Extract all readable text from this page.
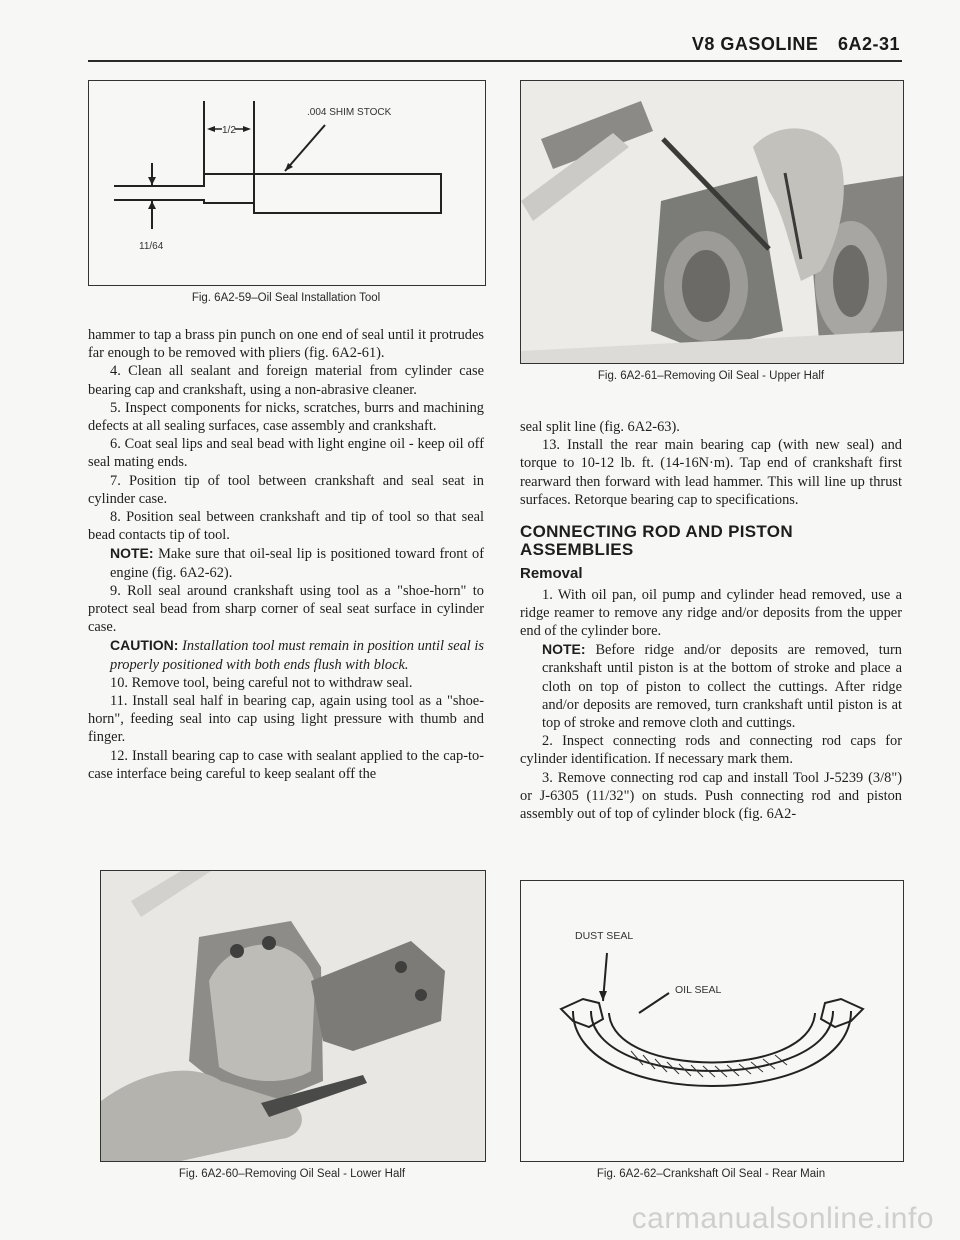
V8 GASOLINE 6A2-31
.004 SHIM STOCK
1/2
11/64
Fig. 6A2-59–Oil Seal Installation Tool
Fig. 6A2-61–Removing Oil Seal - Upper Half

hammer to tap a brass pin punch on one end of seal until it protrudes far enough to be removed with pliers (fig. 6A2-61).

4. Clean all sealant and foreign material from cylinder case bearing cap and crankshaft, using a non-abrasive cleaner.

5. Inspect components for nicks, scratches, burrs and machining defects at all sealing surfaces, case assembly and crankshaft.

6. Coat seal lips and seal bead with light engine oil - keep oil off seal mating ends.

7. Position tip of tool between crankshaft and seal seat in cylinder case.

8. Position seal between crankshaft and tip of tool so that seal bead contacts tip of tool.

NOTE: Make sure that oil-seal lip is positioned toward front of engine (fig. 6A2-62).

9. Roll seal around crankshaft using tool as a "shoe-horn" to protect seal bead from sharp corner of seal seat surface in cylinder case.

CAUTION: Installation tool must remain in position until seal is properly positioned with both ends flush with block.

10. Remove tool, being careful not to withdraw seal.

11. Install seal half in bearing cap, again using tool as a "shoe-horn", feeding seal into cap using light pressure with thumb and finger.

12. Install bearing cap to case with sealant applied to the cap-to-case interface being careful to keep sealant off the

seal split line (fig. 6A2-63).

13. Install the rear main bearing cap (with new seal) and torque to 10-12 lb. ft. (14-16N·m). Tap end of crankshaft first rearward then forward with lead hammer. This will line up thrust surfaces. Retorque bearing cap to specifications.

CONNECTING ROD AND PISTON ASSEMBLIES

Removal

1. With oil pan, oil pump and cylinder head removed, use a ridge reamer to remove any ridge and/or deposits from the upper end of the cylinder bore.

NOTE: Before ridge and/or deposits are removed, turn crankshaft until piston is at the bottom of stroke and place a cloth on top of piston to collect the cuttings. After ridge and/or deposits are removed, turn crankshaft until piston is at top of stroke and remove cloth and cuttings.

2. Inspect connecting rods and connecting rod caps for cylinder identification. If necessary mark them.

3. Remove connecting rod cap and install Tool J-5239 (3/8") or J-6305 (11/32") on studs. Push connecting rod and piston assembly out of top of cylinder block (fig. 6A2-

Fig. 6A2-60–Removing Oil Seal - Lower Half
DUST SEAL
OIL SEAL
Fig. 6A2-62–Crankshaft Oil Seal - Rear Main
carmanualsonline.info
